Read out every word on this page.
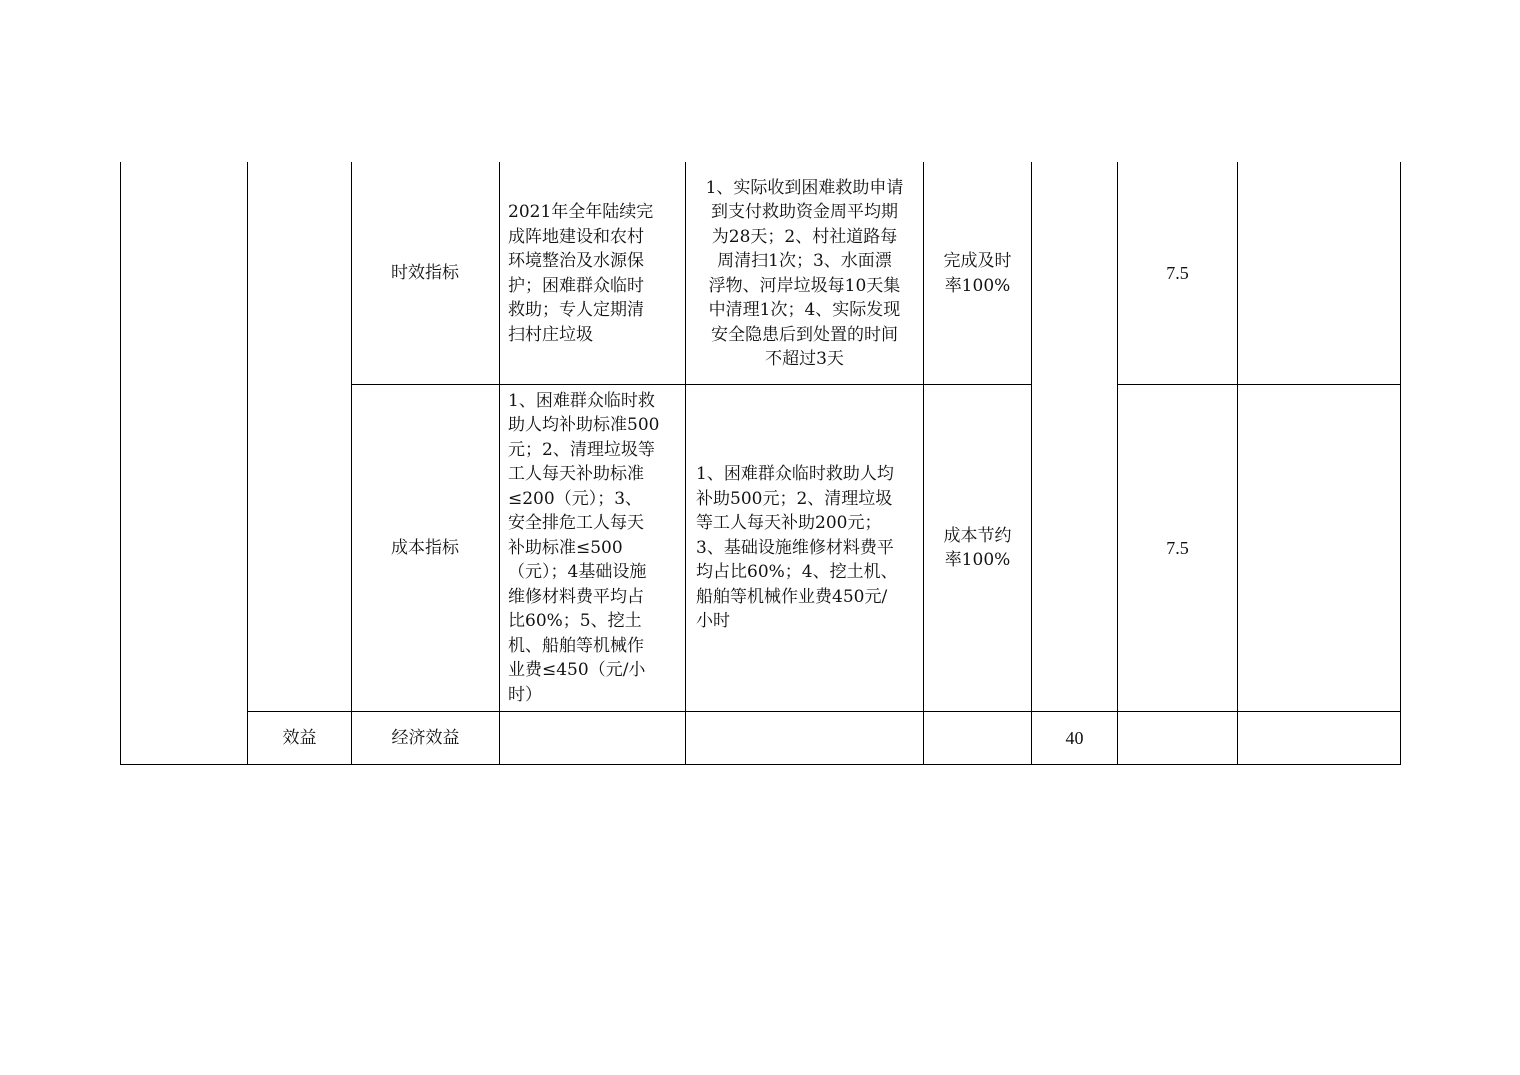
时效指标
2021年全年陆续完
成阵地建设和农村
环境整治及水源保
护；困难群众临时
救助；专人定期清
扫村庄垃圾
1、实际收到困难救助申请
到支付救助资金周平均期
为28天；2、村社道路每
周清扫1次；3、水面漂
浮物、河岸垃圾每10天集
中清理1次；4、实际发现
安全隐患后到处置的时间
不超过3天
完成及时
率100%
7.5
成本指标
1、困难群众临时救
助人均补助标准500
元；2、清理垃圾等
工人每天补助标准
≤200（元）；3、
安全排危工人每天
补助标准≤500
（元）；4基础设施
维修材料费平均占
比60%；5、挖土
机、船舶等机械作
业费≤450（元/小
时）
1、困难群众临时救助人均
补助500元；2、清理垃圾
等工人每天补助200元；
3、基础设施维修材料费平
均占比60%；4、挖土机、
船舶等机械作业费450元/
小时
成本节约
率100%
7.5
效益	经济效益	40
